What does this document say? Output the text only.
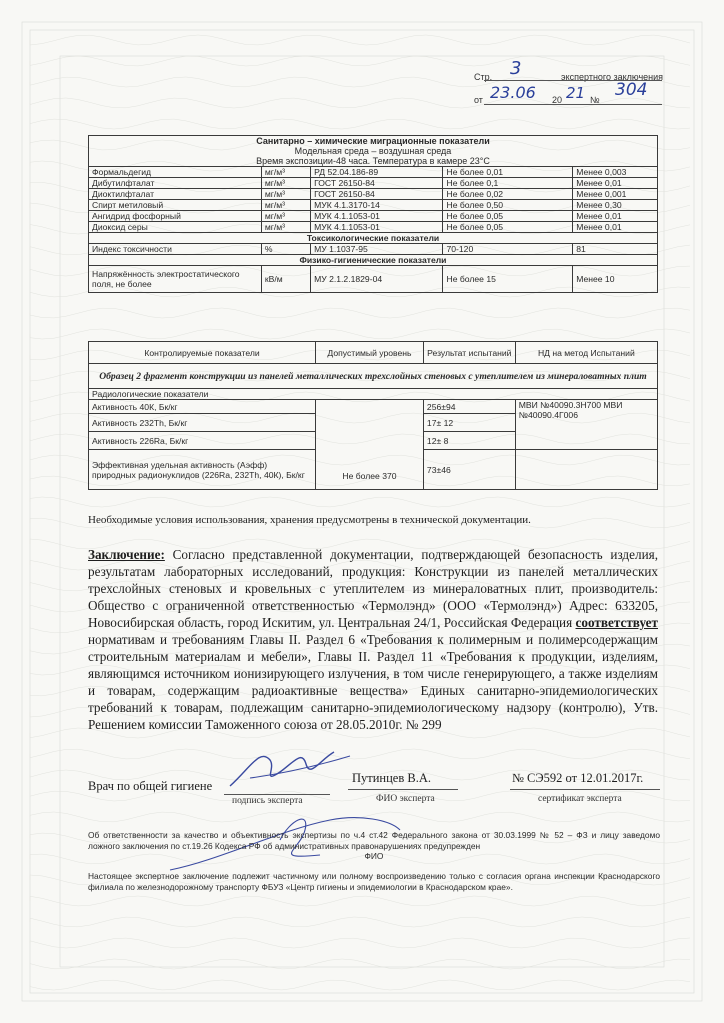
Стр. 3	экспертного заключения
от 23.06 20 21 № 304
Санитарно – химические миграционные показатели
Модельная среда – воздушная среда
Время экспозиции-48 часа. Температура в камере 23°С				
Формальдегид	мг/м³	РД 52.04.186-89	Не более 0,01	Менее 0,003
Дибутилфталат	мг/м³	ГОСТ 26150-84	Не более 0,1	Менее 0,01
Диоктилфталат	мг/м³	ГОСТ 26150-84	Не более 0,02	Менее 0,001
Спирт метиловый	мг/м³	МУК 4.1.3170-14	Не более 0,50	Менее 0,30
Ангидрид фосфорный	мг/м³	МУК 4.1.1053-01	Не более 0,05	Менее 0,01
Диоксид серы	мг/м³	МУК 4.1.1053-01	Не более 0,05	Менее 0,01
Токсикологические показатели				
Индекс токсичности	%	МУ 1.1037-95	70-120	81
Физико-гигиенические показатели				
Напряжённость электростатического поля, не более	кВ/м	МУ 2.1.2.1829-04	Не более 15	Менее 10
Контролируемые показатели	Допустимый уровень	Результат испытаний	НД на метод Испытаний
Образец 2 фрагмент конструкции из панелей металлических трехслойных стеновых с утеплителем из минераловатных плит			
Радиологические показатели			
Активность 40К, Бк/кг	Не более 370	256±94	МВИ №40090.3Н700 МВИ №40090.4Г006
Активность 232Th, Бк/кг		17± 12	
Активность 226Ra, Бк/кг		12± 8	
Эффективная удельная активность (Аэфф) природных радионуклидов (226Ra, 232Th, 40К), Бк/кг		73±46	
Необходимые условия использования, хранения предусмотрены в технической документации.
Заключение: Согласно представленной документации, подтверждающей безопасность изделия, результатам лабораторных исследований, продукция: Конструкции из панелей металлических трехслойных стеновых и кровельных с утеплителем из минераловатных плит, производитель: Общество с ограниченной ответственностью «Термолэнд» (ООО «Термолэнд») Адрес: 633205, Новосибирская область, город Искитим, ул. Центральная 24/1, Российская Федерация соответствует нормативам и требованиям Главы II. Раздел 6 «Требования к полимерным и полимерсодержащим строительным материалам и мебели», Главы II. Раздел 11 «Требования к продукции, изделиям, являющимся источником ионизирующего излучения, в том числе генерирующего, а также изделиям и товарам, содержащим радиоактивные вещества» Единых санитарно-эпидемиологических требований к товарам, подлежащим санитарно-эпидемиологическому надзору (контролю), Утв. Решением комиссии Таможенного союза от 28.05.2010г. № 299
Врач по общей гигиене
Путинцев В.А.	№ СЭ592 от 12.01.2017г.
подпись эксперта	ФИО эксперта	сертификат эксперта
Об ответственности за качество и объективность экспертизы по ч.4 ст.42 Федерального закона от 30.03.1999 № 52 – ФЗ и лицу заведомо ложного заключения по ст.19.26 Кодекса РФ об административных правонарушениях предупрежден
ФИО
Настоящее экспертное заключение подлежит частичному или полному воспроизведению только с согласия органа инспекции Краснодарского филиала по железнодорожному транспорту ФБУЗ «Центр гигиены и эпидемиологии в Краснодарском крае».
